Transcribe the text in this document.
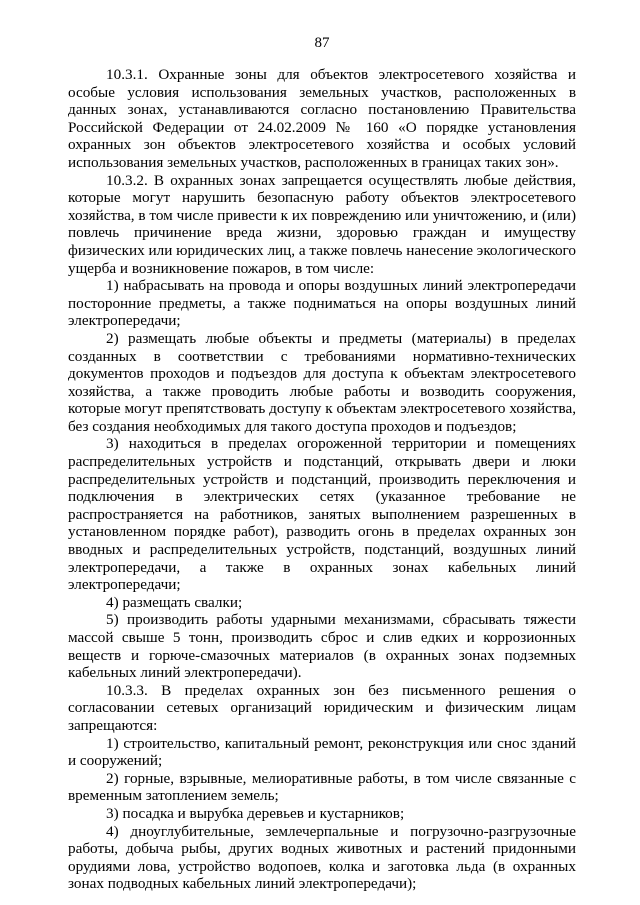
87

10.3.1. Охранные зоны для объектов электросетевого хозяйства и особые условия использования земельных участков, расположенных в данных зонах, устанавливаются согласно постановлению Правительства Российской Федерации от 24.02.2009 № 160 «О порядке установления охранных зон объектов электросетевого хозяйства и особых условий использования земельных участков, расположенных в границах таких зон».

10.3.2. В охранных зонах запрещается осуществлять любые действия, которые могут нарушить безопасную работу объектов электросетевого хозяйства, в том числе привести к их повреждению или уничтожению, и (или) повлечь причинение вреда жизни, здоровью граждан и имуществу физических или юридических лиц, а также повлечь нанесение экологического ущерба и возникновение пожаров, в том числе:

1) набрасывать на провода и опоры воздушных линий электропередачи посторонние предметы, а также подниматься на опоры воздушных линий электропередачи;

2) размещать любые объекты и предметы (материалы) в пределах созданных в соответствии с требованиями нормативно-технических документов проходов и подъездов для доступа к объектам электросетевого хозяйства, а также проводить любые работы и возводить сооружения, которые могут препятствовать доступу к объектам электросетевого хозяйства, без создания необходимых для такого доступа проходов и подъездов;

3) находиться в пределах огороженной территории и помещениях распределительных устройств и подстанций, открывать двери и люки распределительных устройств и подстанций, производить переключения и подключения в электрических сетях (указанное требование не распространяется на работников, занятых выполнением разрешенных в установленном порядке работ), разводить огонь в пределах охранных зон вводных и распределительных устройств, подстанций, воздушных линий электропередачи, а также в охранных зонах кабельных линий электропередачи;

4) размещать свалки;

5) производить работы ударными механизмами, сбрасывать тяжести массой свыше 5 тонн, производить сброс и слив едких и коррозионных веществ и горюче-смазочных материалов (в охранных зонах подземных кабельных линий электропередачи).

10.3.3. В пределах охранных зон без письменного решения о согласовании сетевых организаций юридическим и физическим лицам запрещаются:

1) строительство, капитальный ремонт, реконструкция или снос зданий и сооружений;

2) горные, взрывные, мелиоративные работы, в том числе связанные с временным затоплением земель;

3) посадка и вырубка деревьев и кустарников;

4) дноуглубительные, землечерпальные и погрузочно-разгрузочные работы, добыча рыбы, других водных животных и растений придонными орудиями лова, устройство водопоев, колка и заготовка льда (в охранных зонах подводных кабельных линий электропередачи);
